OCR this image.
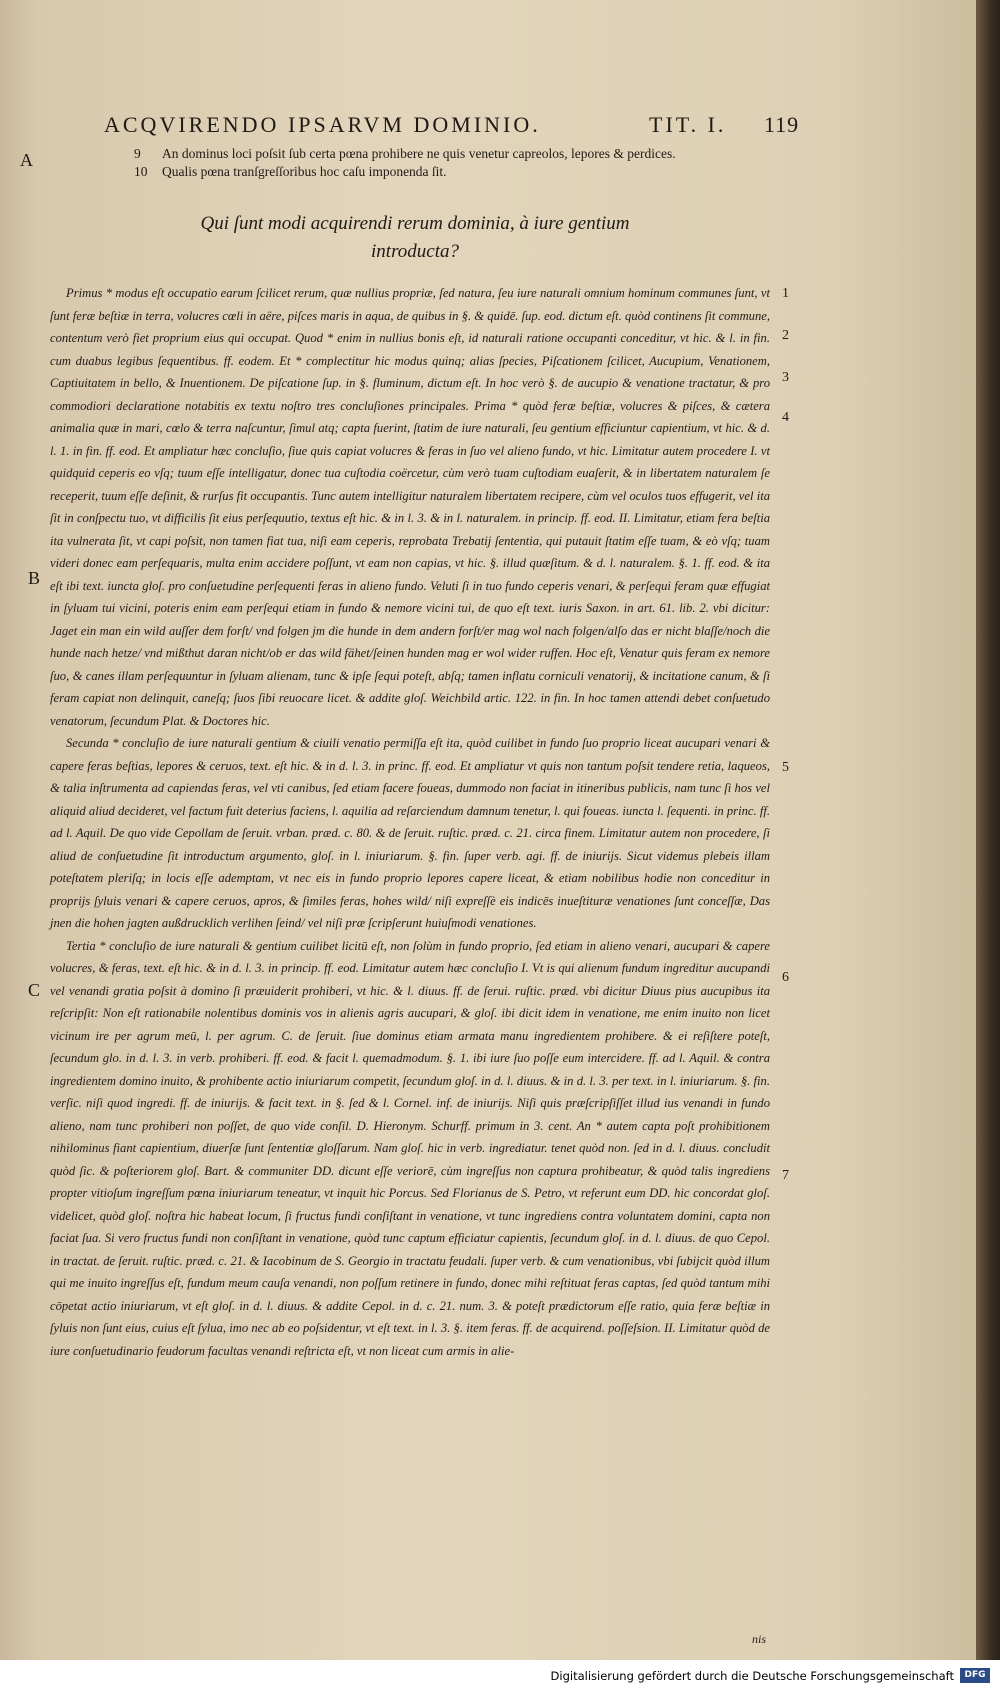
ACQVIRENDO IPSARVM DOMINIO.	TIT. I. 119
A
B
C
9 An dominus loci poſsit ſub certa pœna prohibere ne quis venetur capreolos, lepores & perdices.
10 Qualis pœna tranſgreſſoribus hoc caſu imponenda ſit.
Qui ſunt modi acquirendi rerum dominia, à iure gentium introducta?

Primus * modus eſt occupatio earum ſcilicet rerum, quæ nullius propriæ, ſed natura, ſeu iure naturali omnium hominum communes ſunt, vt ſunt feræ beſtiæ in terra, volucres cœli in aëre, piſces maris in aqua, de quibus in §. & quidē. ſup. eod. dictum eſt. quòd continens ſit commune, contentum verò fiet proprium eius qui occupat. Quod * enim in nullius bonis eſt, id naturali ratione occupanti conceditur, vt hic. & l. in fin. cum duabus legibus ſequentibus. ff. eodem. Et * complectitur hic modus quinq; alias ſpecies, Piſcationem ſcilicet, Aucupium, Venationem, Captiuitatem in bello, & Inuentionem. De piſcatione ſup. in §. fluminum, dictum eſt. In hoc verò §. de aucupio & venatione tractatur, & pro commodiori declaratione notabitis ex textu noſtro tres concluſiones principales. Prima * quòd feræ beſtiæ, volucres & piſces, & cætera animalia quæ in mari, cœlo & terra naſcuntur, ſimul atq; capta fuerint, ſtatim de iure naturali, ſeu gentium efficiuntur capientium, vt hic. & d. l. 1. in fin. ff. eod. Et ampliatur hæc concluſio, ſiue quis capiat volucres & feras in ſuo vel alieno fundo, vt hic. Limitatur autem procedere I. vt quidquid ceperis eo vſq; tuum eſſe intelligatur, donec tua cuſtodia coërcetur, cùm verò tuam cuſtodiam euaſerit, & in libertatem naturalem ſe receperit, tuum eſſe deſinit, & rurſus fit occupantis. Tunc autem intelligitur naturalem libertatem recipere, cùm vel oculos tuos effugerit, vel ita ſit in conſpectu tuo, vt difficilis ſit eius perſequutio, textus eſt hic. & in l. 3. & in l. naturalem. in princip. ff. eod. II. Limitatur, etiam fera beſtia ita vulnerata ſit, vt capi poſsit, non tamen fiat tua, niſi eam ceperis, reprobata Trebatij ſententia, qui putauit ſtatim eſſe tuam, & eò vſq; tuam videri donec eam perſequaris, multa enim accidere poſſunt, vt eam non capias, vt hic. §. illud quæſitum. & d. l. naturalem. §. 1. ff. eod. & ita eſt ibi text. iuncta gloſ. pro conſuetudine perſequenti feras in alieno fundo. Veluti ſi in tuo fundo ceperis venari, & perſequi feram quæ effugiat in ſyluam tui vicini, poteris enim eam perſequi etiam in fundo & nemore vicini tui, de quo eſt text. iuris Saxon. in art. 61. lib. 2. vbi dicitur: Jaget ein man ein wild auſſer dem forſt/ vnd folgen jm die hunde in dem andern forſt/er mag wol nach folgen/alſo das er nicht blaſſe/noch die hunde nach hetze/ vnd mißthut daran nicht/ob er das wild fähet/ſeinen hunden mag er wol wider ruffen. Hoc eſt, Venatur quis feram ex nemore ſuo, & canes illam perſequuntur in ſyluam alienam, tunc & ipſe ſequi poteſt, abſq; tamen inflatu corniculi venatorij, & incitatione canum, & ſi feram capiat non delinquit, caneſq; ſuos ſibi reuocare licet. & addite gloſ. Weichbild artic. 122. in fin. In hoc tamen attendi debet conſuetudo venatorum, ſecundum Plat. & Doctores hic.

Secunda * concluſio de iure naturali gentium & ciuili venatio permiſſa eſt ita, quòd cuilibet in fundo ſuo proprio liceat aucupari venari & capere feras beſtias, lepores & ceruos, text. eſt hic. & in d. l. 3. in princ. ff. eod. Et ampliatur vt quis non tantum poſsit tendere retia, laqueos, & talia inſtrumenta ad capiendas feras, vel vti canibus, ſed etiam facere foueas, dummodo non faciat in itineribus publicis, nam tunc ſi hos vel aliquid aliud decideret, vel factum fuit deterius faciens, l. aquilia ad reſarciendum damnum tenetur, l. qui foueas. iuncta l. ſequenti. in princ. ff. ad l. Aquil. De quo vide Cepollam de ſeruit. vrban. præd. c. 80. & de ſeruit. ruſtic. præd. c. 21. circa finem. Limitatur autem non procedere, ſi aliud de conſuetudine ſit introductum argumento, gloſ. in l. iniuriarum. §. fin. ſuper verb. agi. ff. de iniurijs. Sicut videmus plebeis illam poteſtatem pleriſq; in locis eſſe ademptam, vt nec eis in fundo proprio lepores capere liceat, & etiam nobilibus hodie non conceditur in proprijs ſyluis venari & capere ceruos, apros, & ſimiles feras, hohes wild/ niſi expreſſè eis indicēs inueſtituræ venationes ſunt conceſſæ, Das jnen die hohen jagten außdrucklich verlihen ſeind/ vel niſi præ ſcripſerunt huiuſmodi venationes.

Tertia * concluſio de iure naturali & gentium cuilibet licitū eſt, non ſolùm in fundo proprio, ſed etiam in alieno venari, aucupari & capere volucres, & feras, text. eſt hic. & in d. l. 3. in princip. ff. eod. Limitatur autem hæc concluſio I. Vt is qui alienum fundum ingreditur aucupandi vel venandi gratia poſsit à domino ſi præuiderit prohiberi, vt hic. & l. diuus. ff. de ſerui. ruſtic. præd. vbi dicitur Diuus pius aucupibus ita reſcripſit: Non eſt rationabile nolentibus dominis vos in alienis agris aucupari, & gloſ. ibi dicit idem in venatione, me enim inuito non licet vicinum ire per agrum meū, l. per agrum. C. de ſeruit. ſiue dominus etiam armata manu ingredientem prohibere. & ei reſiſtere poteſt, ſecundum glo. in d. l. 3. in verb. prohiberi. ff. eod. & facit l. quemadmodum. §. 1. ibi iure ſuo poſſe eum intercidere. ff. ad l. Aquil. & contra ingredientem domino inuito, & prohibente actio iniuriarum competit, ſecundum gloſ. in d. l. diuus. & in d. l. 3. per text. in l. iniuriarum. §. fin. verſic. niſi quod ingredi. ff. de iniurijs. & facit text. in §. ſed & l. Cornel. inf. de iniurijs. Niſi quis præſcripſiſſet illud ius venandi in fundo alieno, nam tunc prohiberi non poſſet, de quo vide conſil. D. Hieronym. Schurff. primum in 3. cent. An * autem capta poſt prohibitionem nihilominus fiant capientium, diuerſæ ſunt ſententiæ gloſſarum. Nam gloſ. hic in verb. ingrediatur. tenet quòd non. ſed in d. l. diuus. concludit quòd ſic. & poſteriorem gloſ. Bart. & communiter DD. dicunt eſſe veriorē, cùm ingreſſus non captura prohibeatur, & quòd talis ingrediens propter vitioſum ingreſſum pœna iniuriarum teneatur, vt inquit hic Porcus. Sed Florianus de S. Petro, vt referunt eum DD. hic concordat gloſ. videlicet, quòd gloſ. noſtra hic habeat locum, ſi fructus fundi conſiſtant in venatione, vt tunc ingrediens contra voluntatem domini, capta non faciat ſua. Si vero fructus fundi non conſiſtant in venatione, quòd tunc captum efficiatur capientis, ſecundum gloſ. in d. l. diuus. de quo Cepol. in tractat. de ſeruit. ruſtic. præd. c. 21. & Iacobinum de S. Georgio in tractatu feudali. ſuper verb. & cum venationibus, vbi ſubijcit quòd illum qui me inuito ingreſſus eſt, fundum meum cauſa venandi, non poſſum retinere in fundo, donec mihi reſtituat feras captas, ſed quòd tantum mihi cōpetat actio iniuriarum, vt eſt gloſ. in d. l. diuus. & addite Cepol. in d. c. 21. num. 3. & poteſt prædictorum eſſe ratio, quia feræ beſtiæ in ſyluis non ſunt eius, cuius eſt ſylua, imo nec ab eo poſsidentur, vt eſt text. in l. 3. §. item feras. ff. de acquirend. poſſeſsion. II. Limitatur quòd de iure conſuetudinario feudorum facultas venandi reſtricta eſt, vt non liceat cum armis in alie-

1
2
3
4
5
6
7
nis
Digitalisierung gefördert durch die Deutsche Forschungsgemeinschaft	DFG
